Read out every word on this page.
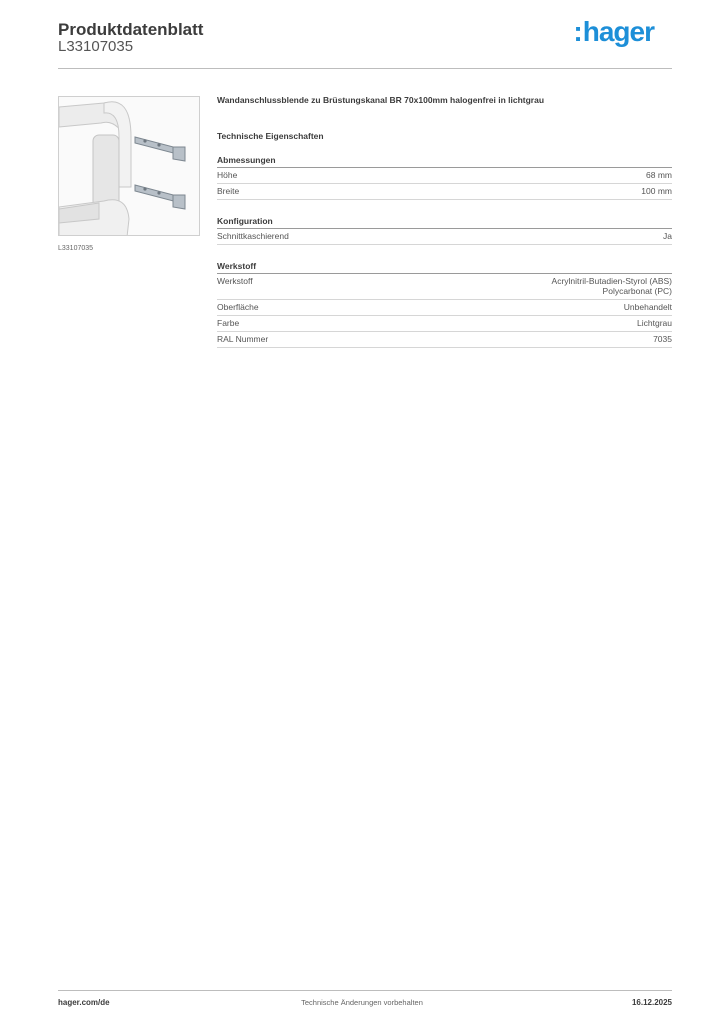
Produktdatenblatt
L33107035	:hager
L33107035

Wandanschlussblende zu Brüstungskanal BR 70x100mm halogenfrei in lichtgrau

Technische Eigenschaften
Abmessungen
Höhe	68 mm
Breite	100 mm
Konfiguration
Schnittkaschierend	Ja
Werkstoff
Werkstoff	Acrylnitril-Butadien-Styrol (ABS)
Polycarbonat (PC)
Oberfläche	Unbehandelt
Farbe	Lichtgrau
RAL Nummer	7035
hager.com/de	Technische Änderungen vorbehalten	16.12.2025
